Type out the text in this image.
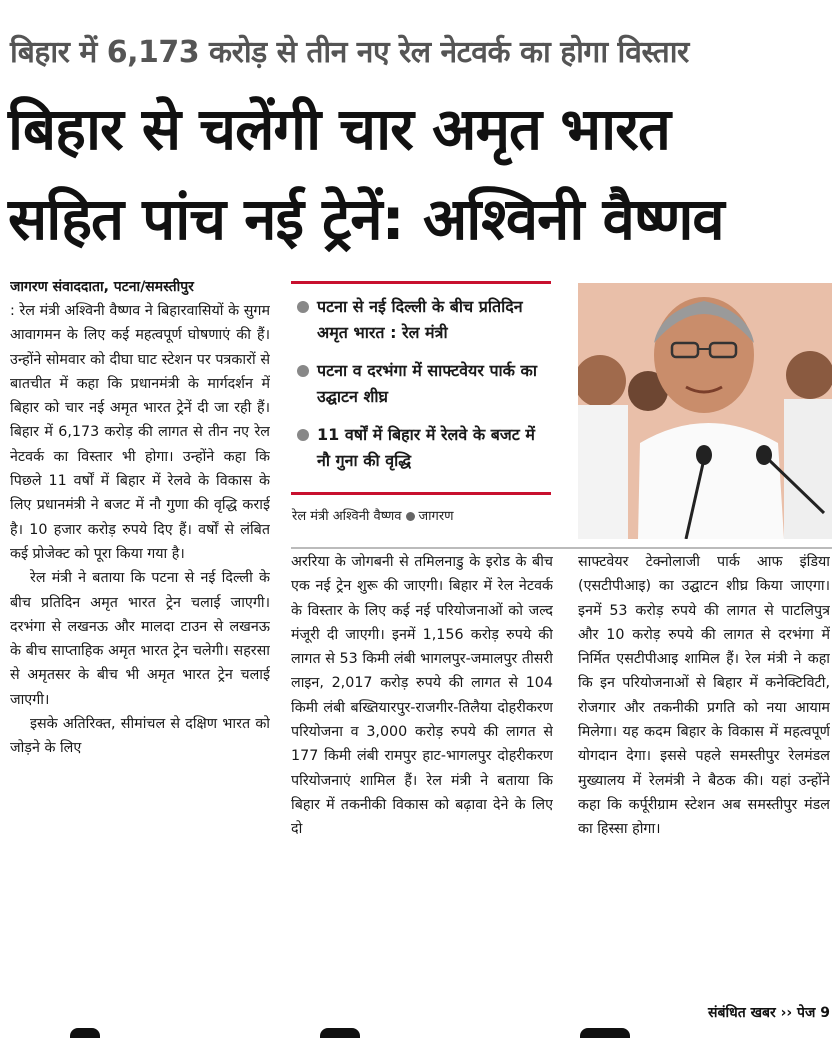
बिहार में 6,173 करोड़ से तीन नए रेल नेटवर्क का होगा विस्तार
बिहार से चलेंगी चार अमृत भारत
सहित पांच नई ट्रेनें: अश्विनी वैष्णव
जागरण संवाददाता, पटना/समस्तीपुर

: रेल मंत्री अश्विनी वैष्णव ने बिहारवासियों के सुगम आवागमन के लिए कई महत्वपूर्ण घोषणाएं की हैं। उन्होंने सोमवार को दीघा घाट स्टेशन पर पत्रकारों से बातचीत में कहा कि प्रधानमंत्री के मार्गदर्शन में बिहार को चार नई अमृत भारत ट्रेनें दी जा रही हैं। बिहार में 6,173 करोड़ की लागत से तीन नए रेल नेटवर्क का विस्तार भी होगा। उन्होंने कहा कि पिछले 11 वर्षों में बिहार में रेलवे के विकास के लिए प्रधानमंत्री ने बजट में नौ गुणा की वृद्धि कराई है। 10 हजार करोड़ रुपये दिए हैं। वर्षों से लंबित कई प्रोजेक्ट को पूरा किया गया है।

रेल मंत्री ने बताया कि पटना से नई दिल्ली के बीच प्रतिदिन अमृत भारत ट्रेन चलाई जाएगी। दरभंगा से लखनऊ और मालदा टाउन से लखनऊ के बीच साप्ताहिक अमृत भारत ट्रेन चलेगी। सहरसा से अमृतसर के बीच भी अमृत भारत ट्रेन चलाई जाएगी।

इसके अतिरिक्त, सीमांचल से दक्षिण भारत को जोड़ने के लिए

पटना से नई दिल्ली के बीच प्रतिदिन अमृत भारत : रेल मंत्री
पटना व दरभंगा में साफ्टवेयर पार्क का उद्घाटन शीघ्र
11 वर्षों में बिहार में रेलवे के बजट में नौ गुना की वृद्धि
रेल मंत्री अश्विनी वैष्णव जागरण

अररिया के जोगबनी से तमिलनाडु के इरोड के बीच एक नई ट्रेन शुरू की जाएगी। बिहार में रेल नेटवर्क के विस्तार के लिए कई नई परियोजनाओं को जल्द मंजूरी दी जाएगी। इनमें 1,156 करोड़ रुपये की लागत से 53 किमी लंबी भागलपुर-जमालपुर तीसरी लाइन, 2,017 करोड़ रुपये की लागत से 104 किमी लंबी बख्तियारपुर-राजगीर-तिलैया दोहरीकरण परियोजना व 3,000 करोड़ रुपये की लागत से 177 किमी लंबी रामपुर हाट-भागलपुर दोहरीकरण परियोजनाएं शामिल हैं। रेल मंत्री ने बताया कि बिहार में तकनीकी विकास को बढ़ावा देने के लिए दो

साफ्टवेयर टेक्नोलाजी पार्क आफ इंडिया (एसटीपीआइ) का उद्घाटन शीघ्र किया जाएगा। इनमें 53 करोड़ रुपये की लागत से पाटलिपुत्र और 10 करोड़ रुपये की लागत से दरभंगा में निर्मित एसटीपीआइ शामिल हैं। रेल मंत्री ने कहा कि इन परियोजनाओं से बिहार में कनेक्टिविटी, रोजगार और तकनीकी प्रगति को नया आयाम मिलेगा। यह कदम बिहार के विकास में महत्वपूर्ण योगदान देगा। इससे पहले समस्तीपुर रेलमंडल मुख्यालय में रेलमंत्री ने बैठक की। यहां उन्होंने कहा कि कर्पूरीग्राम स्टेशन अब समस्तीपुर मंडल का हिस्सा होगा।

संबंधित खबर ›› पेज 9
